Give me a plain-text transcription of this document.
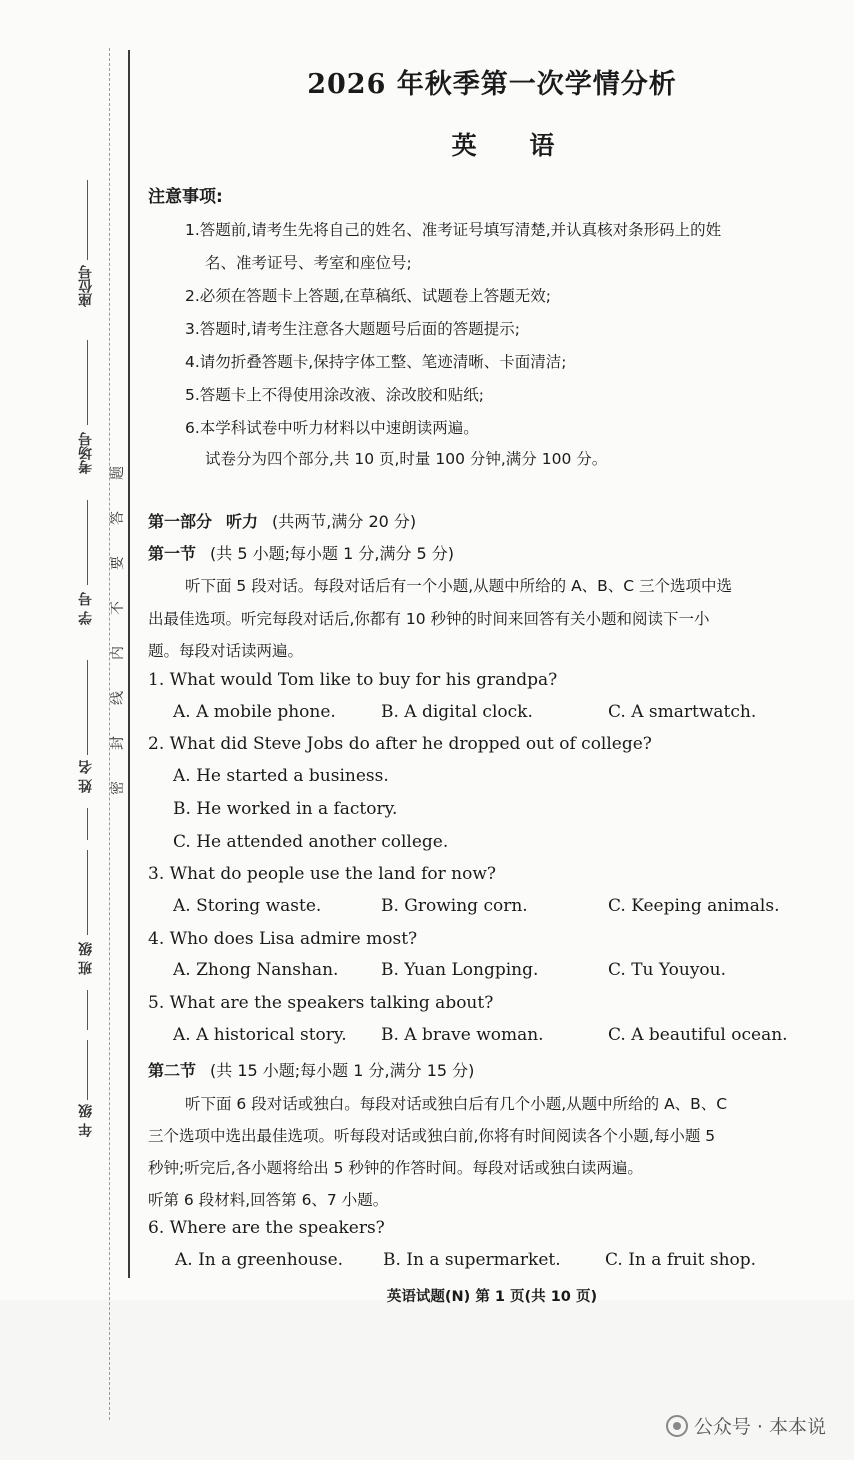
座位号
考场号
学 号
姓 名
班 级
年 级
题
答
要
不
内
线
封
密
2026 年秋季第一次学情分析
英 语
注意事项:
1.答题前,请考生先将自己的姓名、准考证号填写清楚,并认真核对条形码上的姓
名、准考证号、考室和座位号;
2.必须在答题卡上答题,在草稿纸、试题卷上答题无效;
3.答题时,请考生注意各大题题号后面的答题提示;
4.请勿折叠答题卡,保持字体工整、笔迹清晰、卡面清洁;
5.答题卡上不得使用涂改液、涂改胶和贴纸;
6.本学科试卷中听力材料以中速朗读两遍。
试卷分为四个部分,共 10 页,时量 100 分钟,满分 100 分。
第一部分 听力 (共两节,满分 20 分)
第一节 (共 5 小题;每小题 1 分,满分 5 分)
听下面 5 段对话。每段对话后有一个小题,从题中所给的 A、B、C 三个选项中选
出最佳选项。听完每段对话后,你都有 10 秒钟的时间来回答有关小题和阅读下一小
题。每段对话读两遍。
1. What would Tom like to buy for his grandpa?
A. A mobile phone.	B. A digital clock.	C. A smartwatch.
2. What did Steve Jobs do after he dropped out of college?
A. He started a business.
B. He worked in a factory.
C. He attended another college.
3. What do people use the land for now?
A. Storing waste.	B. Growing corn.	C. Keeping animals.
4. Who does Lisa admire most?
A. Zhong Nanshan.	B. Yuan Longping.	C. Tu Youyou.
5. What are the speakers talking about?
A. A historical story. B. A brave woman.	C. A beautiful ocean.
第二节 (共 15 小题;每小题 1 分,满分 15 分)
听下面 6 段对话或独白。每段对话或独白后有几个小题,从题中所给的 A、B、C
三个选项中选出最佳选项。听每段对话或独白前,你将有时间阅读各个小题,每小题 5
秒钟;听完后,各小题将给出 5 秒钟的作答时间。每段对话或独白读两遍。
听第 6 段材料,回答第 6、7 小题。
6. Where are the speakers?
A. In a greenhouse. B. In a supermarket.	C. In a fruit shop.
英语试题(N) 第 1 页(共 10 页)
公众号 · 本本说
